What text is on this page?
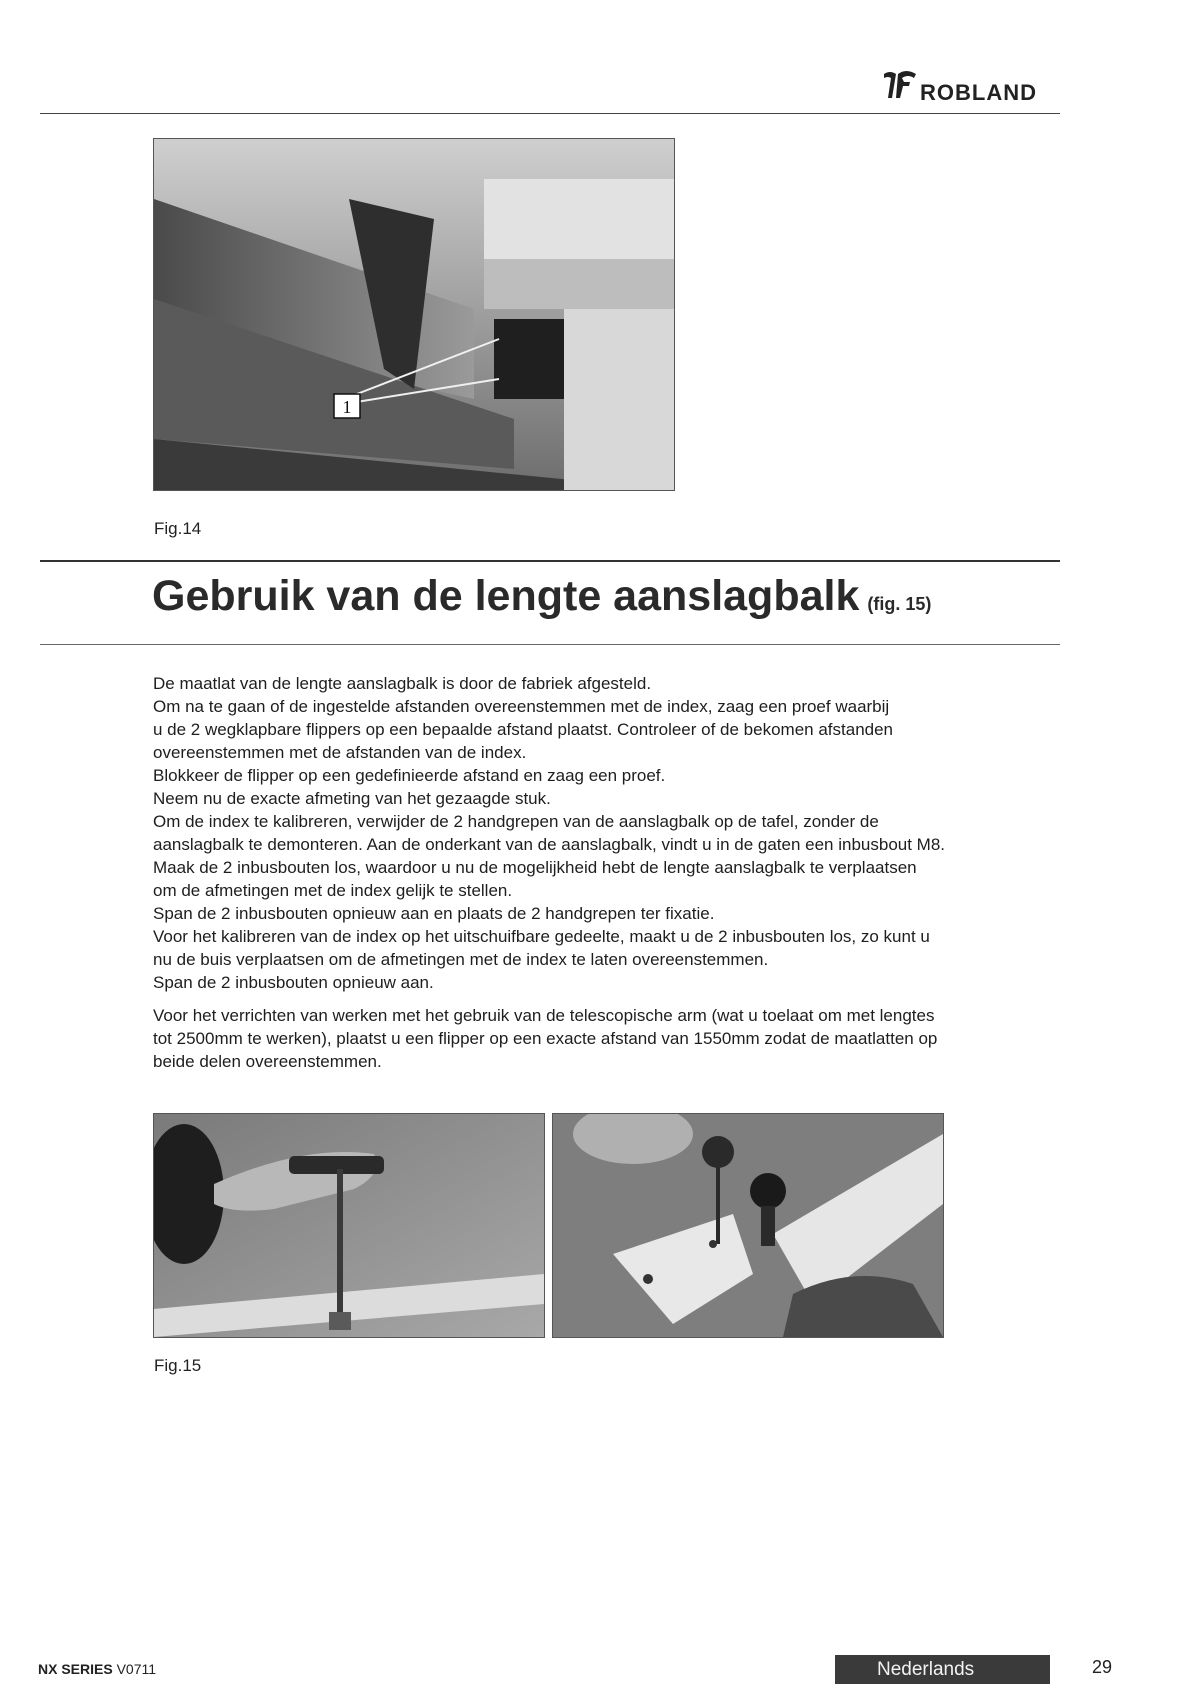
ROBLAND
1
Fig.14
Gebruik van de lengte aanslagbalk (fig. 15)

De maatlat van de lengte aanslagbalk is door de fabriek afgesteld.
Om na te gaan of de ingestelde afstanden overeenstemmen met de index, zaag een proef waarbij
u de 2 wegklapbare flippers op een bepaalde afstand plaatst. Controleer of de bekomen afstanden
overeenstemmen met de afstanden van de index.
Blokkeer de flipper op een gedefinieerde afstand en zaag een proef.
Neem nu de exacte afmeting van het gezaagde stuk.
Om de index te kalibreren, verwijder de 2 handgrepen van de aanslagbalk op de tafel, zonder de
aanslagbalk te demonteren. Aan de onderkant van de aanslagbalk, vindt u in de gaten een inbusbout M8.
Maak de 2 inbusbouten los, waardoor u nu de mogelijkheid hebt de lengte aanslagbalk te verplaatsen
om de afmetingen met de index gelijk te stellen.
Span de 2 inbusbouten opnieuw aan en plaats de 2 handgrepen ter fixatie.
Voor het kalibreren van de index op het uitschuifbare gedeelte, maakt u de 2 inbusbouten los, zo kunt u
nu de buis verplaatsen om de afmetingen met de index te laten overeenstemmen.
Span de 2 inbusbouten opnieuw aan.

Voor het verrichten van werken met het gebruik van de telescopische arm (wat u toelaat om met lengtes
tot 2500mm te werken), plaatst u een flipper op een exacte afstand van 1550mm zodat de maatlatten op
beide delen overeenstemmen.

Fig.15
NX SERIES V0711	Nederlands	29
